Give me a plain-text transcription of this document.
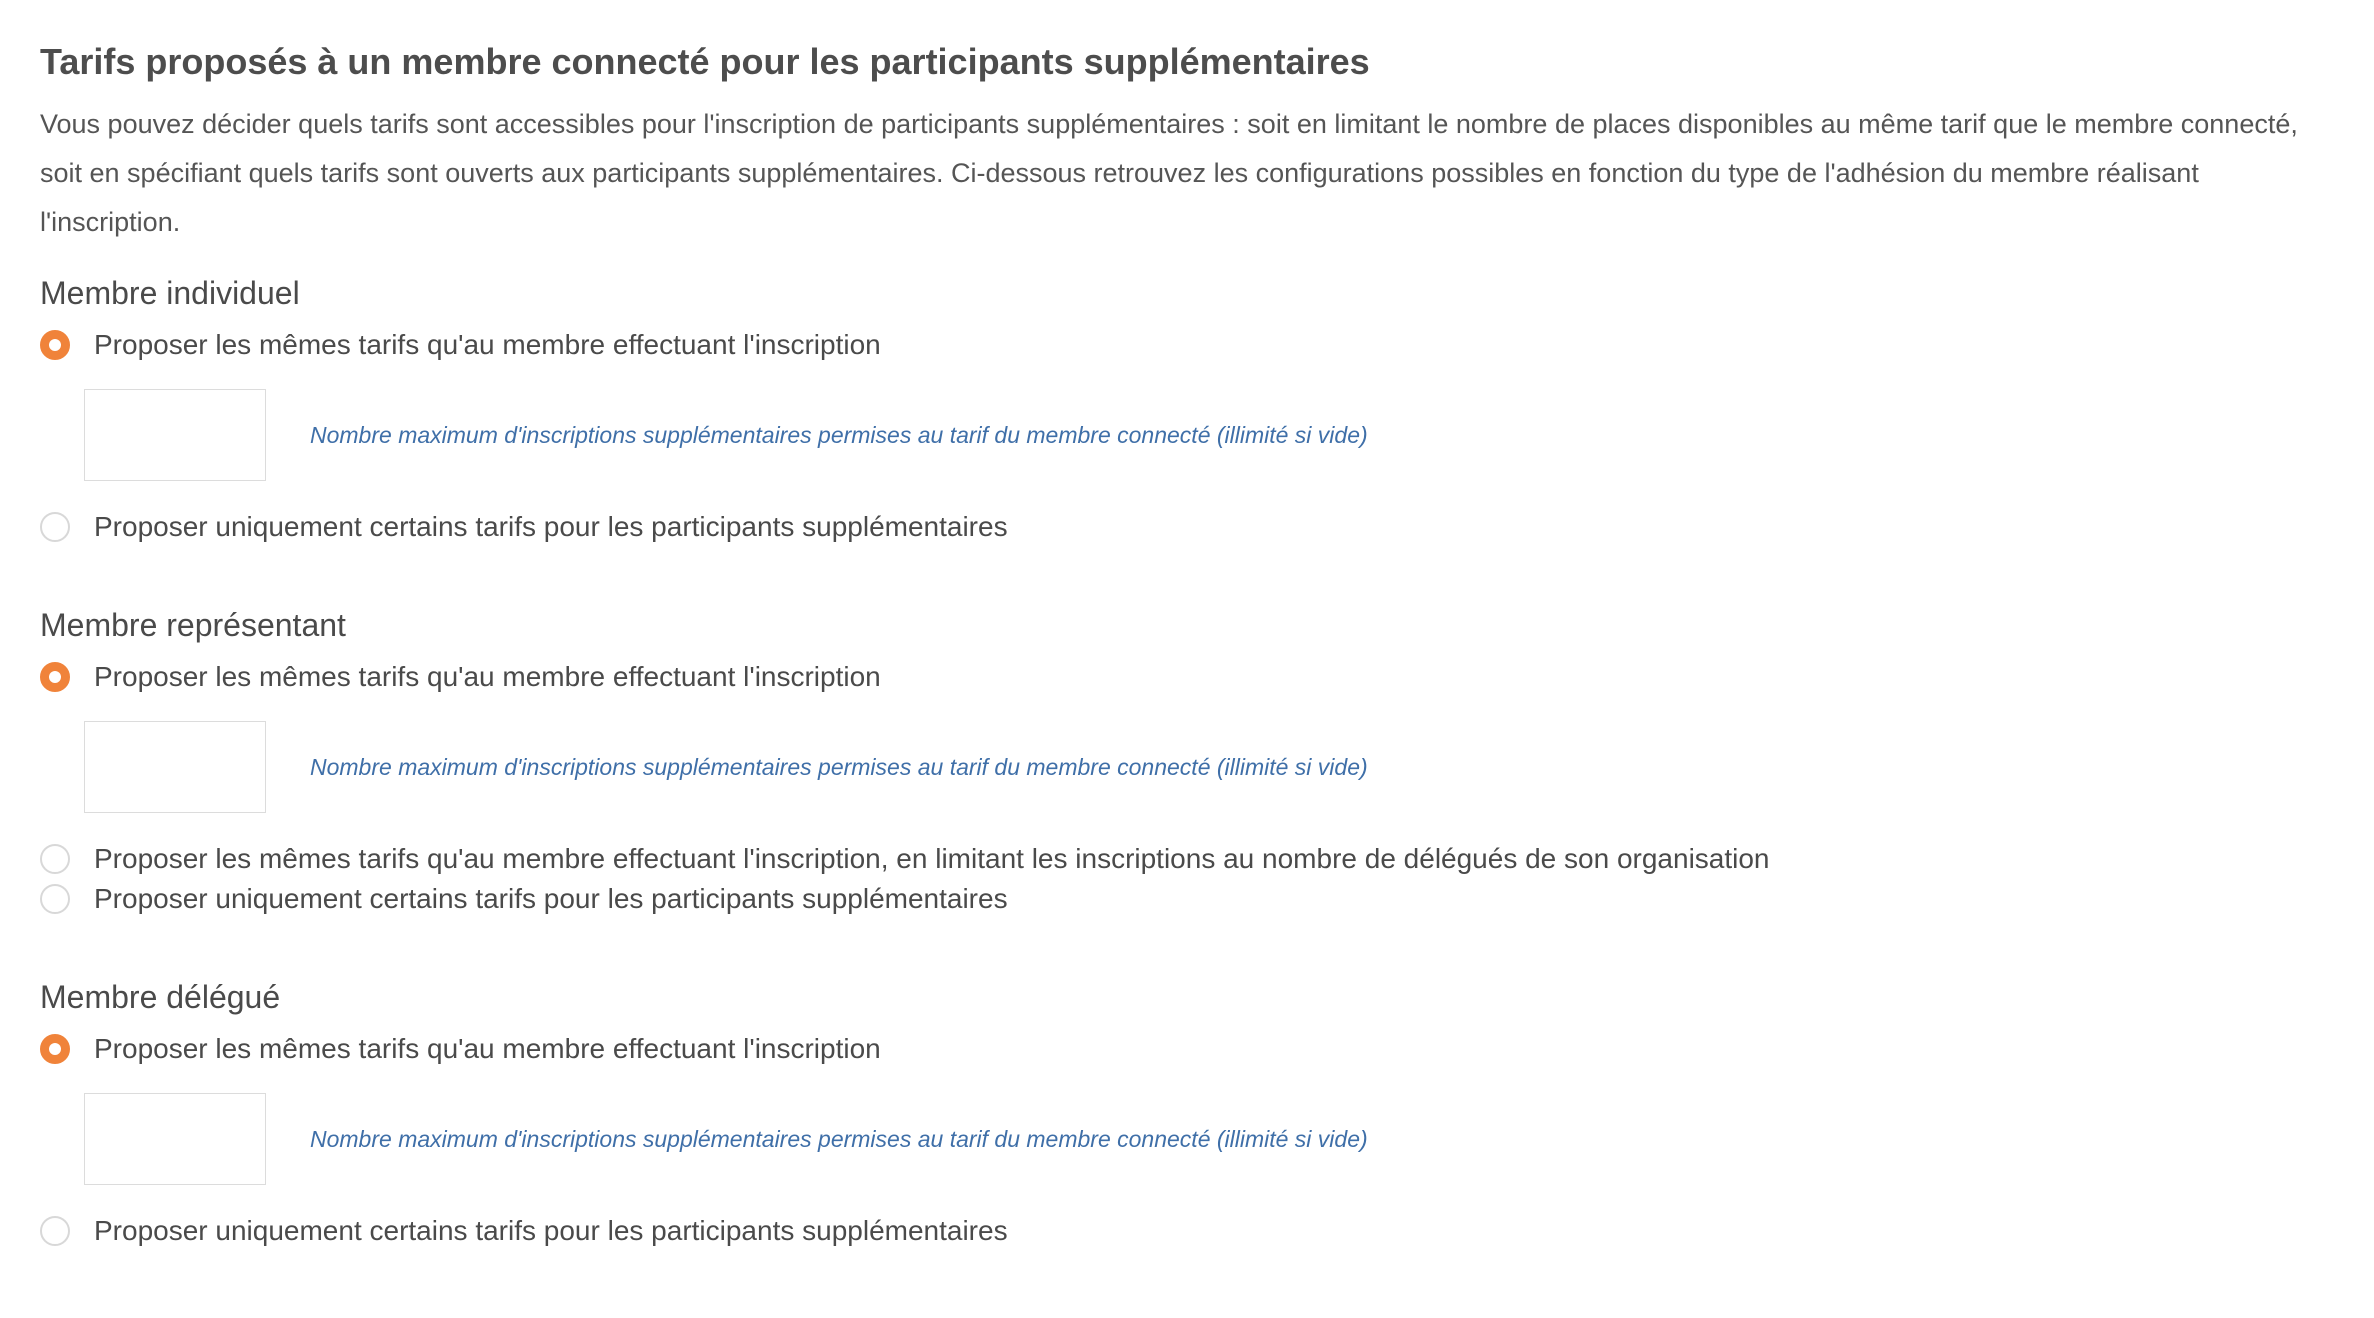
Tarifs proposés à un membre connecté pour les participants supplémentaires

Vous pouvez décider quels tarifs sont accessibles pour l'inscription de participants supplémentaires : soit en limitant le nombre de places disponibles au même tarif que le membre connecté, soit en spécifiant quels tarifs sont ouverts aux participants supplémentaires. Ci-dessous retrouvez les configurations possibles en fonction du type de l'adhésion du membre réalisant l'inscription.

Membre individuel
Proposer les mêmes tarifs qu'au membre effectuant l'inscription
Nombre maximum d'inscriptions supplémentaires permises au tarif du membre connecté (illimité si vide)
Proposer uniquement certains tarifs pour les participants supplémentaires
Membre représentant
Proposer les mêmes tarifs qu'au membre effectuant l'inscription
Nombre maximum d'inscriptions supplémentaires permises au tarif du membre connecté (illimité si vide)
Proposer les mêmes tarifs qu'au membre effectuant l'inscription, en limitant les inscriptions au nombre de délégués de son organisation
Proposer uniquement certains tarifs pour les participants supplémentaires
Membre délégué
Proposer les mêmes tarifs qu'au membre effectuant l'inscription
Nombre maximum d'inscriptions supplémentaires permises au tarif du membre connecté (illimité si vide)
Proposer uniquement certains tarifs pour les participants supplémentaires
